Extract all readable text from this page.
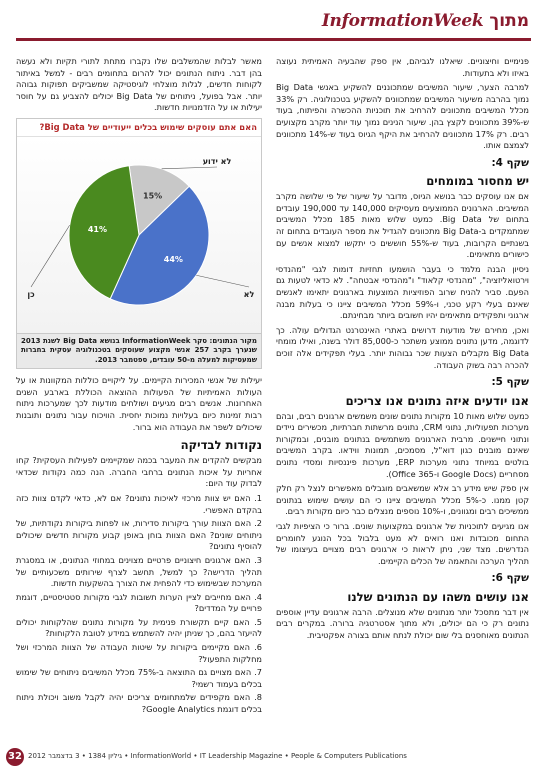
InformationWeek מתוך

פנימיים וחיצוניים. שיאלנו לגביהם, אין ספק שהבעיה האמיתית נעוצה באיזו ולא בתעודות.

למרבה הצער, שיעור המשיבים שמתכוננים להשקיע באנשי Big Data נמוך בהרבה משיעור המשיבים שמתכוונים להשקיע בטכנולוגיה. רק 33% מכלל המשיבים מתכוונים להרחיב את תוכניות ההכשרה והפיתוח, בעוד ש-39% מתכוונים לקצץ בהן. שיעור הנינים נמוך עוד יותר מקרב מקצועים רבים. רק 17% מתכוונים להרחיב את היקף הגיוס בעוד ש-14% מתכוונים לצמצם אותו.

שקף 4:
יש מחסור במומחים

אם אנו עוסקים כבר בנושא הגיוס, מדובר על שיעור של פי שלושה מקרב המשיבים. הארגונים הממוצעים מעסיקים 140,000 עד 190,000 עובדים בתחום של Big Data. כמעט שלוש מאות 185 מכלל המשיבים שמתמקדים ב-Big Data מתכוונים להגדיל את מספר העובדים בתחום זה בשנתיים הקרובות, בעוד ש-55% חוששים כי יתקשו למצוא אנשים עם כישורים מתאימים.

ניסיון הבנה מלמד כי בעבר הושמעו תחזיות דומות לגבי "מהנדסי וירטואליזציה", "מהנדסי קלאוד" ו"מהנדסי אבטחה". לא כדאי לטעות גם הפעם. סביר להניח שרוב הפוזיציות המוצעות בארגונים יתאימו לאנשים שאינם בעלי רקע טכני, ו-59% מכלל המשיבים ציינו כי בעלות מבנה ארגוני ותפקידים מתאימים יהיו חשובים ביותר מבחינתם.

ואכן, מחירם של מודעות דרושים באתרי האינטרנט הגדולים עולה. כך לדוגמה, מדען נתונים ממוצע משתכר כ-85,000 דולר בשנה, ואילו מומחי Big Data מקבלים הצעות שכר גבוהות יותר. בעלי תפקידים אלה זוכים להכרה רבה בשוק העבודה.

שקף 5:
אנו יודעים איזה נתונים אנו צריכים

כמעט שלוש מאות 10 מקורות נתונים שונים משמשים ארגונים רבים, ובהם מערכות תפעוליות, נתוני CRM, נתונים מרשתות חברתיות, מכשירים ניידים ונתוני חיישנים. מרבית הארגונים משתמשים בנתונים מובנים, ובמקורות שאינם מובנים כגון דוא"ל, מסמכים, תמונות ווידאו. בקרב המשיבים בולטים במיוחד נתוני מערכות ERP, מערכות פיננסיות ומסדי נתונים מסחריים (Google Docs ו-Office 365).

אין ספק שיש מידע רב אלא שמשאבים מוגבלים מאפשרים לנצל רק חלק קטן ממנו. כ-5% מכלל המשיבים ציינו כי הם עושים שימוש בנתונים ממשיכים רבים ומגוונים, ו-10% נוספים מנצלים כבר כיום מקורות רבים.

אנו מגיעים לתוכניות של ארגונים במקצועות שונים. ברור כי הציפיות לגבי התחום מכובדות ואנו רואים לא מעט בלבול בכל הנוגע לחומרים הנדרשים. מצד שני, ניתן לראות כי ארגונים רבים מצויים בעיצומו של תהליך הערכה והתאמה של הכלים הקיימים.

שקף 6:
אנו עושים משהו עם הנתונים שלנו

אין דבר מתסכל יותר מנתונים שלא מנוצלים. הרבה ארגונים עדיין אוספים נתונים רק כי הם יכולים, ולא מתוך אסטרטגיה ברורה. במקרים רבים הנתונים מאוחסנים בלי שום יכולת לנתח אותם בצורה אפקטיבית.

מאשר לבלות שהמשלבים שלו נקברו מתחת לתורי תקיות ולא נעשה בהן דבר. ניתוח הנתונים יכול להרום בתחומים רבים - למשל באיתור לקוחות חדשים, לגלות מוצלחי לוגיסטיקה שמשביקים תפוקות גבוהה יותר. אבל בפועל, ניתוחים של Big Data יכולים להצביע גם על חוסר יעילות או על הזדמנויות חדשות.

האם אתם עוסקים שימוש בכלים ייעודיים של Big Data?
41%
44%
15%
לא ידוע
לא
כן
מקור הנתונים: סקר InformationWeek בנושא Big Data לשנת 2013 שנערך בקרב 257 אנשי מקצוע שעוסקים בטכנולוגיה עסקית בחברות שמעסיקות למעלה מ-50 עובדים, ספטמבר 2013.

יעילות של אנשי המכירות הקיימים. על ליקויים כוללות המקוונות או על העולות האמיתיות של הפעולות ההוצאה הכוללת בארבע השנים האחרונות. אנשים רבים מגיעים ושולחים מודעות לכך שמערכות ניתוח רבות זמינות כיום בעלויות נמוכות יחסית. הוויכוח עבור נתונים ותובנות שיכולים לשפר את העבודה הוא ברור.

נקודות לבדיקה

מבקשים להקדים את המעבר בכמה שמקיימים לפעילות העסקית? קחו אחריות על איכות הנתונים ברחבי החברה. הנה כמה נקודות שכדאי לבדוק עוד היום:

1. האם יש צוות מרכזי לאיכות נתונים? אם לא, כדאי לקדם צוות כזה בהקדם האפשרי.
2. האם הצוות עורך ביקורות סדירות, או לפחות ביקורות נקודתיות, של ניתוחים שונים? האם הצוות בוחן באופן קבוע מקורות חדשים שיכולים להוסיף נתונים?
3. האם ארגונים חיצוניים פרטיים מצוינים במחוזי הנתונים, או במסגרת תהליך הדרישה? כך למשל, תחשב לצרף שירותים משכעותיים של המערכת שבשימוש כדי להפחית את הצורך בהשקעות חדשות.
4. האם מחייבים לציין הערות תשובות לגבי מקורות סטטיסטיים, דוגמת פרויים על המדדים?
5. האם קיים תקשורת פנימית על מקורות נתונים שהלקוחות יכולים להיעזר בהם, כך שניתן יהיה להשתמש במידע לטובת הלקוחות?
6. האם מקיימים ביקורות על שיטות העבודה של הצוות המרכזי ושל מחלקות התפעול?
7. האם מצויים גם התוצאה ב-75% מכלל המשיבים ניתוחים של שימוש בכלים בעמוד רשמי?
8. האם מקפידים שלמתחומים צריכים יהיה לקבל משוב ויכולת ניתוח בכלים דוגמת Google Analytics?
32 גיליון 1384 • 3 בדצמבר 2012 • InformationWorld • IT Leadership Magazine • People & Computers Publications
